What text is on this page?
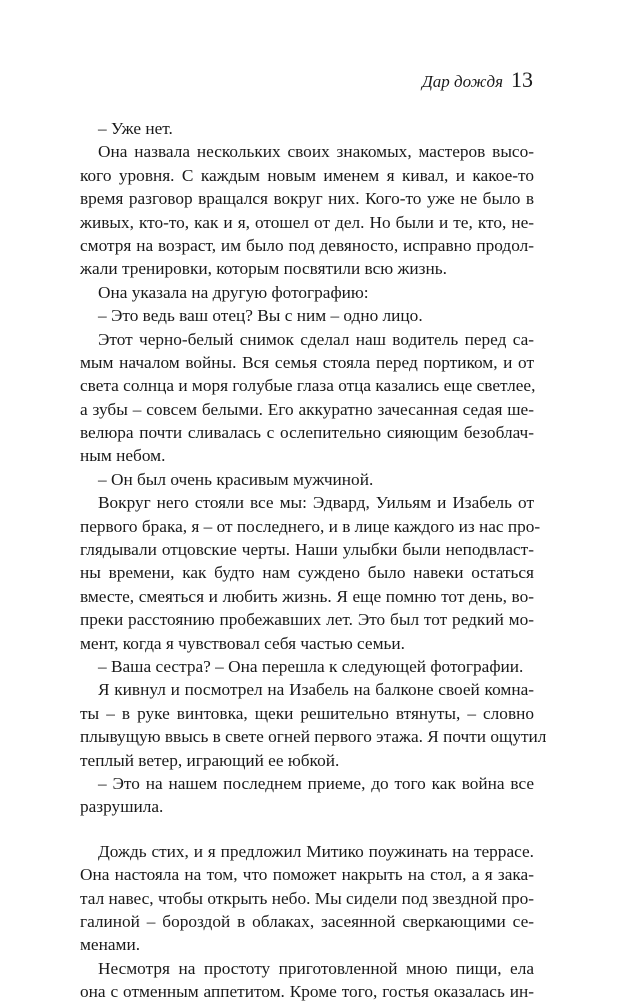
Дар дождя 13
– Уже нет.
Она назвала нескольких своих знакомых, мастеров высо-
кого уровня. С каждым новым именем я кивал, и какое-то
время разговор вращался вокруг них. Кого-то уже не было в
живых, кто-то, как и я, отошел от дел. Но были и те, кто, не-
смотря на возраст, им было под девяносто, исправно продол-
жали тренировки, которым посвятили всю жизнь.
Она указала на другую фотографию:
– Это ведь ваш отец? Вы с ним – одно лицо.
Этот черно-белый снимок сделал наш водитель перед са-
мым началом войны. Вся семья стояла перед портиком, и от
света солнца и моря голубые глаза отца казались еще светлее,
а зубы – совсем белыми. Его аккуратно зачесанная седая ше-
велюра почти сливалась с ослепительно сияющим безоблач-
ным небом.
– Он был очень красивым мужчиной.
Вокруг него стояли все мы: Эдвард, Уильям и Изабель от
первого брака, я – от последнего, и в лице каждого из нас про-
глядывали отцовские черты. Наши улыбки были неподвласт-
ны времени, как будто нам суждено было навеки остаться
вместе, смеяться и любить жизнь. Я еще помню тот день, во-
преки расстоянию пробежавших лет. Это был тот редкий мо-
мент, когда я чувствовал себя частью семьи.
– Ваша сестра? – Она перешла к следующей фотографии.
Я кивнул и посмотрел на Изабель на балконе своей комна-
ты – в руке винтовка, щеки решительно втянуты, – словно
плывущую ввысь в свете огней первого этажа. Я почти ощутил
теплый ветер, играющий ее юбкой.
– Это на нашем последнем приеме, до того как война все
разрушила.
Дождь стих, и я предложил Митико поужинать на террасе.
Она настояла на том, что поможет накрыть на стол, а я зака-
тал навес, чтобы открыть небо. Мы сидели под звездной про-
галиной – бороздой в облаках, засеянной сверкающими се-
менами.
Несмотря на простоту приготовленной мною пищи, ела
она с отменным аппетитом. Кроме того, гостья оказалась ин-
